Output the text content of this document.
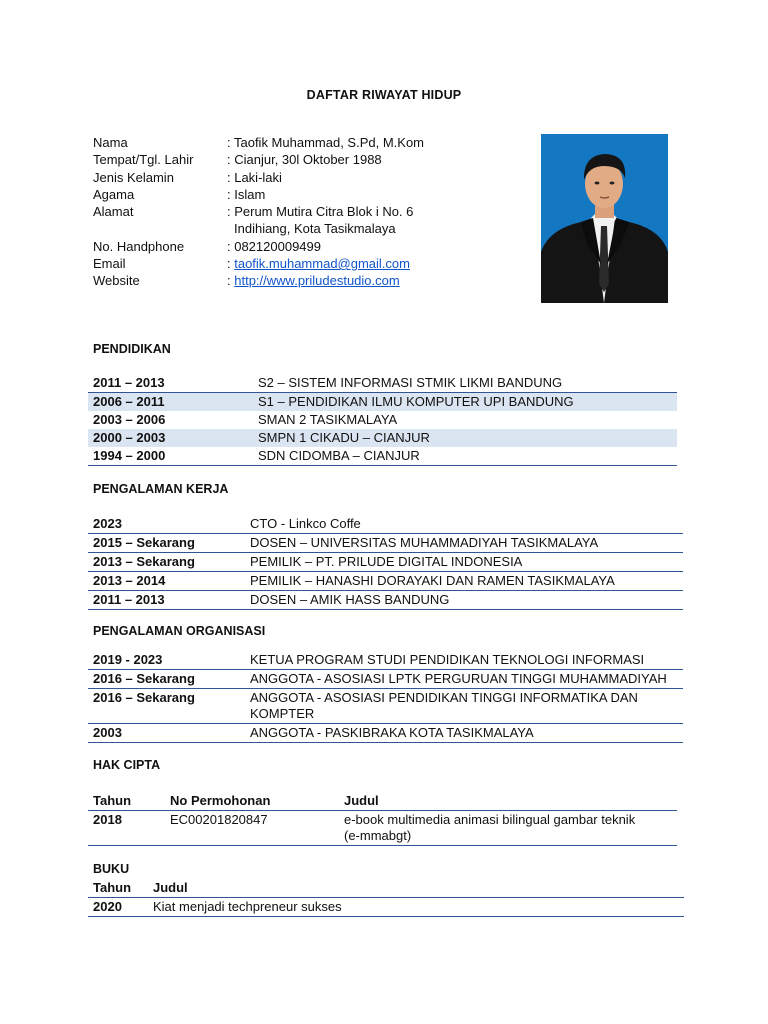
DAFTAR RIWAYAT HIDUP
Nama	: Taofik Muhammad, S.Pd, M.Kom
Tempat/Tgl. Lahir	: Cianjur, 30l Oktober 1988
Jenis Kelamin	: Laki-laki
Agama	: Islam
Alamat	: Perum Mutira Citra Blok i No. 6
Indihiang, Kota Tasikmalaya
No. Handphone	: 082120009499
Email	: taofik.muhammad@gmail.com
Website	: http://www.priludestudio.com
PENDIDIKAN
2011 – 2013	S2 – SISTEM INFORMASI STMIK LIKMI BANDUNG
2006 – 2011	S1 – PENDIDIKAN ILMU KOMPUTER UPI BANDUNG
2003 – 2006	SMAN 2 TASIKMALAYA
2000 – 2003	SMPN 1 CIKADU – CIANJUR
1994 – 2000	SDN CIDOMBA – CIANJUR
PENGALAMAN KERJA
2023	CTO - Linkco Coffe
2015 – Sekarang	DOSEN – UNIVERSITAS MUHAMMADIYAH TASIKMALAYA
2013 – Sekarang	PEMILIK – PT. PRILUDE DIGITAL INDONESIA
2013 – 2014	PEMILIK – HANASHI DORAYAKI DAN RAMEN TASIKMALAYA
2011 – 2013	DOSEN – AMIK HASS BANDUNG
PENGALAMAN ORGANISASI
2019 - 2023	KETUA PROGRAM STUDI PENDIDIKAN TEKNOLOGI INFORMASI
2016 – Sekarang	ANGGOTA - ASOSIASI LPTK PERGURUAN TINGGI MUHAMMADIYAH
2016 – Sekarang	ANGGOTA - ASOSIASI PENDIDIKAN TINGGI INFORMATIKA DAN
KOMPTER
2003	ANGGOTA - PASKIBRAKA KOTA TASIKMALAYA
HAK CIPTA
Tahun	No Permohonan	Judul
2018	EC00201820847	e-book multimedia animasi bilingual gambar teknik
(e-mmabgt)
BUKU
Tahun	Judul
2020	Kiat menjadi techpreneur sukses
